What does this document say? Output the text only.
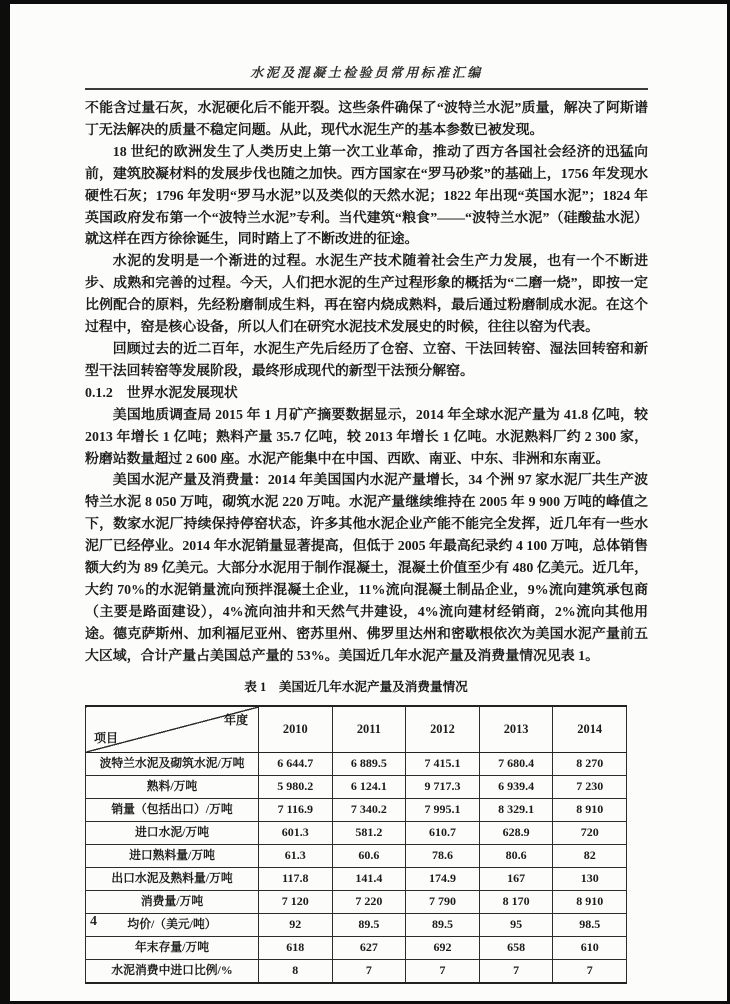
水泥及混凝土检验员常用标准汇编

不能含过量石灰，水泥硬化后不能开裂。这些条件确保了“波特兰水泥”质量，解决了阿斯谱丁无法解决的质量不稳定问题。从此，现代水泥生产的基本参数已被发现。

18 世纪的欧洲发生了人类历史上第一次工业革命，推动了西方各国社会经济的迅猛向前，建筑胶凝材料的发展步伐也随之加快。西方国家在“罗马砂浆”的基础上，1756 年发现水硬性石灰；1796 年发明“罗马水泥”以及类似的天然水泥；1822 年出现“英国水泥”；1824 年英国政府发布第一个“波特兰水泥”专利。当代建筑“粮食”——“波特兰水泥”（硅酸盐水泥）就这样在西方徐徐诞生，同时踏上了不断改进的征途。

水泥的发明是一个渐进的过程。水泥生产技术随着社会生产力发展，也有一个不断进步、成熟和完善的过程。今天，人们把水泥的生产过程形象的概括为“二磨一烧”，即按一定比例配合的原料，先经粉磨制成生料，再在窑内烧成熟料，最后通过粉磨制成水泥。在这个过程中，窑是核心设备，所以人们在研究水泥技术发展史的时候，往往以窑为代表。

回顾过去的近二百年，水泥生产先后经历了仓窑、立窑、干法回转窑、湿法回转窑和新型干法回转窑等发展阶段，最终形成现代的新型干法预分解窑。

0.1.2　世界水泥发展现状

美国地质调查局 2015 年 1 月矿产摘要数据显示，2014 年全球水泥产量为 41.8 亿吨，较 2013 年增长 1 亿吨；熟料产量 35.7 亿吨，较 2013 年增长 1 亿吨。水泥熟料厂约 2 300 家，粉磨站数量超过 2 600 座。水泥产能集中在中国、西欧、南亚、中东、非洲和东南亚。

美国水泥产量及消费量：2014 年美国国内水泥产量增长，34 个洲 97 家水泥厂共生产波特兰水泥 8 050 万吨，砌筑水泥 220 万吨。水泥产量继续维持在 2005 年 9 900 万吨的峰值之下，数家水泥厂持续保持停窑状态，许多其他水泥企业产能不能完全发挥，近几年有一些水泥厂已经停业。2014 年水泥销量显著提高，但低于 2005 年最高纪录约 4 100 万吨，总体销售额大约为 89 亿美元。大部分水泥用于制作混凝土，混凝土价值至少有 480 亿美元。近几年，大约 70%的水泥销量流向预拌混凝土企业，11%流向混凝土制品企业，9%流向建筑承包商（主要是路面建设），4%流向油井和天然气井建设，4%流向建材经销商，2%流向其他用途。德克萨斯州、加利福尼亚州、密苏里州、佛罗里达州和密歇根依次为美国水泥产量前五大区域，合计产量占美国总产量的 53%。美国近几年水泥产量及消费量情况见表 1。

表 1　美国近几年水泥产量及消费量情况
年度
项目	2010	2011	2012	2013	2014
波特兰水泥及砌筑水泥/万吨	6 644.7	6 889.5	7 415.1	7 680.4	8 270
熟料/万吨	5 980.2	6 124.1	9 717.3	6 939.4	7 230
销量（包括出口）/万吨	7 116.9	7 340.2	7 995.1	8 329.1	8 910
进口水泥/万吨	601.3	581.2	610.7	628.9	720
进口熟料量/万吨	61.3	60.6	78.6	80.6	82
出口水泥及熟料量/万吨	117.8	141.4	174.9	167	130
消费量/万吨	7 120	7 220	7 790	8 170	8 910
均价/（美元/吨）	92	89.5	89.5	95	98.5
年末存量/万吨	618	627	692	658	610
水泥消费中进口比例/%	8	7	7	7	7
4
